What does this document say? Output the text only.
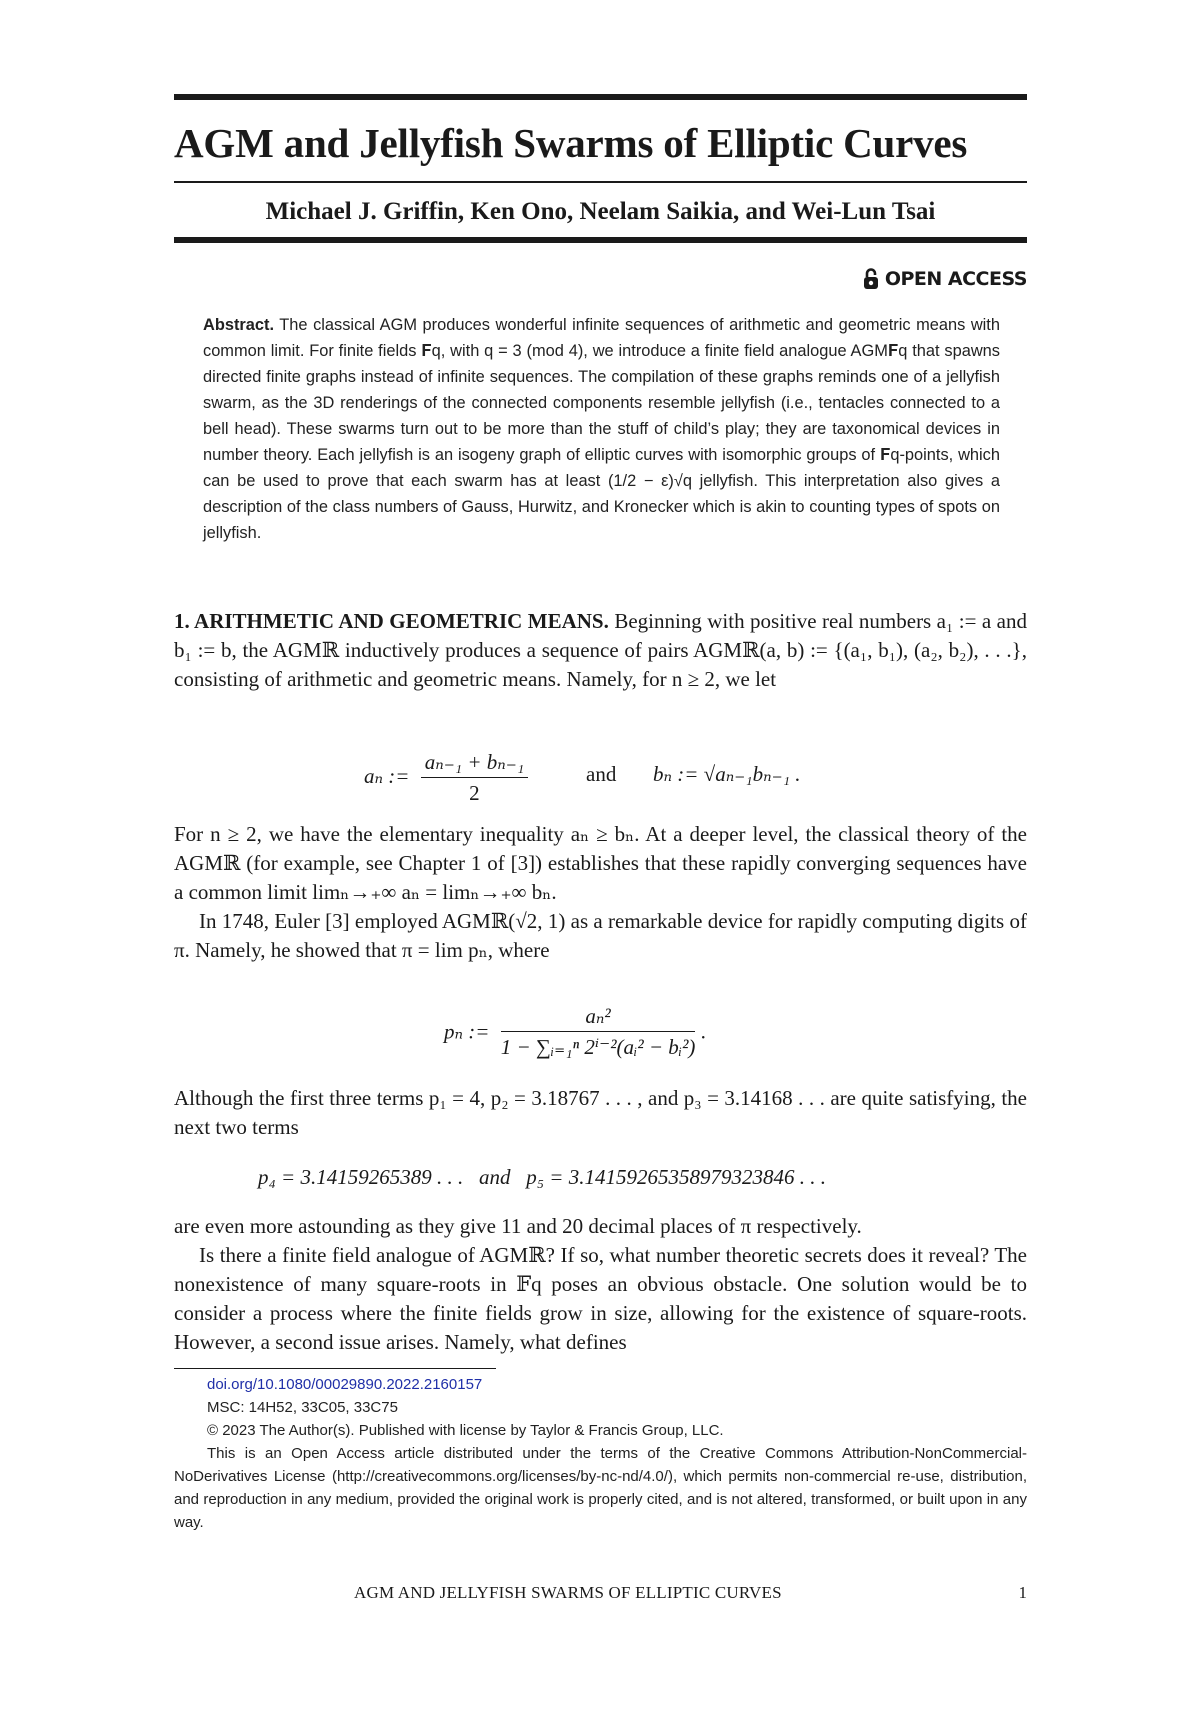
AGM and Jellyfish Swarms of Elliptic Curves
Michael J. Griffin, Ken Ono, Neelam Saikia, and Wei-Lun Tsai
OPEN ACCESS
Abstract. The classical AGM produces wonderful infinite sequences of arithmetic and geometric means with common limit. For finite fields 𝐅q, with q = 3 (mod 4), we introduce a finite field analogue AGM𝐅q that spawns directed finite graphs instead of infinite sequences. The compilation of these graphs reminds one of a jellyfish swarm, as the 3D renderings of the connected components resemble jellyfish (i.e., tentacles connected to a bell head). These swarms turn out to be more than the stuff of child’s play; they are taxonomical devices in number theory. Each jellyfish is an isogeny graph of elliptic curves with isomorphic groups of 𝐅q-points, which can be used to prove that each swarm has at least (1/2 − ε)√q jellyfish. This interpretation also gives a description of the class numbers of Gauss, Hurwitz, and Kronecker which is akin to counting types of spots on jellyfish.

1. ARITHMETIC AND GEOMETRIC MEANS. Beginning with positive real numbers a₁ := a and b₁ := b, the AGMℝ inductively produces a sequence of pairs AGMℝ(a, b) := {(a₁, b₁), (a₂, b₂), . . .}, consisting of arithmetic and geometric means. Namely, for n ≥ 2, we let

aₙ := $\frac{\text{aₙ₋₁ + bₙ₋₁}}{2}$	and bₙ := √aₙ₋₁bₙ₋₁ .

For n ≥ 2, we have the elementary inequality aₙ ≥ bₙ. At a deeper level, the classical theory of the AGMℝ (for example, see Chapter 1 of [3]) establishes that these rapidly converging sequences have a common limit limₙ→₊∞ aₙ = limₙ→₊∞ bₙ.

In 1748, Euler [3] employed AGMℝ(√2, 1) as a remarkable device for rapidly computing digits of π. Namely, he showed that π = lim pₙ, where

pₙ := $\frac{\text{aₙ²}}{\text{1 − ∑ᵢ₌₁ⁿ 2ⁱ⁻²(aᵢ² − bᵢ²)}}$ .

Although the first three terms p₁ = 4, p₂ = 3.18767 . . . , and p₃ = 3.14168 . . . are quite satisfying, the next two terms

p₄ = 3.14159265389 . . .   and   p₅ = 3.14159265358979323846 . . .

are even more astounding as they give 11 and 20 decimal places of π respectively.

Is there a finite field analogue of AGMℝ? If so, what number theoretic secrets does it reveal? The nonexistence of many square-roots in 𝔽q poses an obvious obstacle. One solution would be to consider a process where the finite fields grow in size, allowing for the existence of square-roots. However, a second issue arises. Namely, what defines

doi.org/10.1080/00029890.2022.2160157
MSC: 14H52, 33C05, 33C75
© 2023 The Author(s). Published with license by Taylor & Francis Group, LLC.
This is an Open Access article distributed under the terms of the Creative Commons Attribution-NonCommercial-NoDerivatives License (http://creativecommons.org/licenses/by-nc-nd/4.0/), which permits non-commercial re-use, distribution, and reproduction in any medium, provided the original work is properly cited, and is not altered, transformed, or built upon in any way.
AGM AND JELLYFISH SWARMS OF ELLIPTIC CURVES	1
